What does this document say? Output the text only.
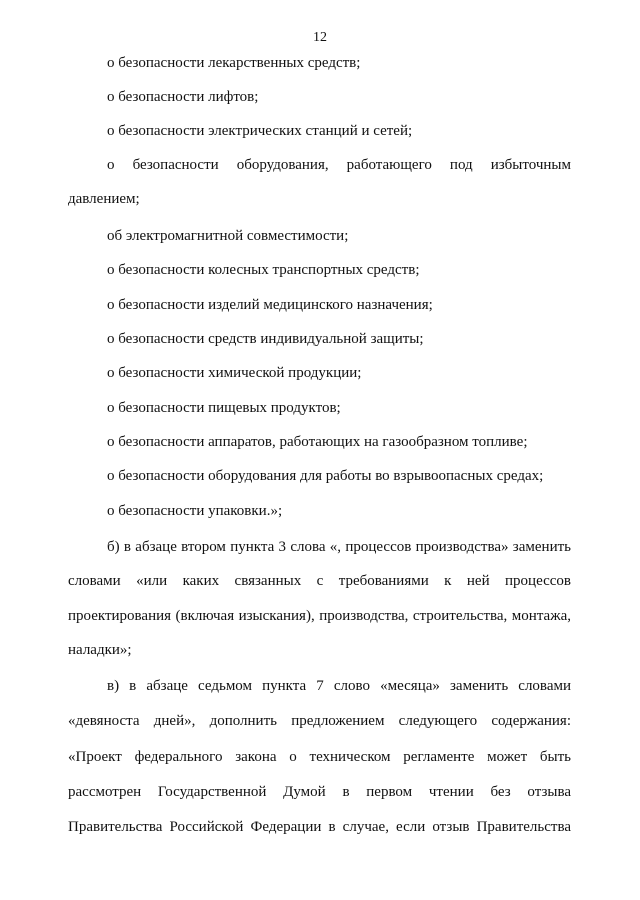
12
о безопасности лекарственных средств;
о безопасности лифтов;
о безопасности электрических станций и сетей;
о безопасности оборудования, работающего под избыточным
давлением;
об электромагнитной совместимости;
о безопасности колесных транспортных средств;
о безопасности изделий медицинского назначения;
о безопасности средств индивидуальной защиты;
о безопасности химической продукции;
о безопасности пищевых продуктов;
о безопасности аппаратов, работающих на газообразном топливе;
о безопасности оборудования для работы во взрывоопасных средах;
о безопасности упаковки.»;
б) в абзаце втором пункта 3 слова «, процессов производства» заменить
словами «или каких связанных с требованиями к ней процессов
проектирования (включая изыскания), производства, строительства, монтажа,
наладки»;
в) в абзаце седьмом пункта 7 слово «месяца» заменить словами
«девяноста дней», дополнить предложением следующего содержания:
«Проект федерального закона о техническом регламенте может быть
рассмотрен Государственной Думой в первом чтении без отзыва
Правительства Российской Федерации в случае, если отзыв Правительства
